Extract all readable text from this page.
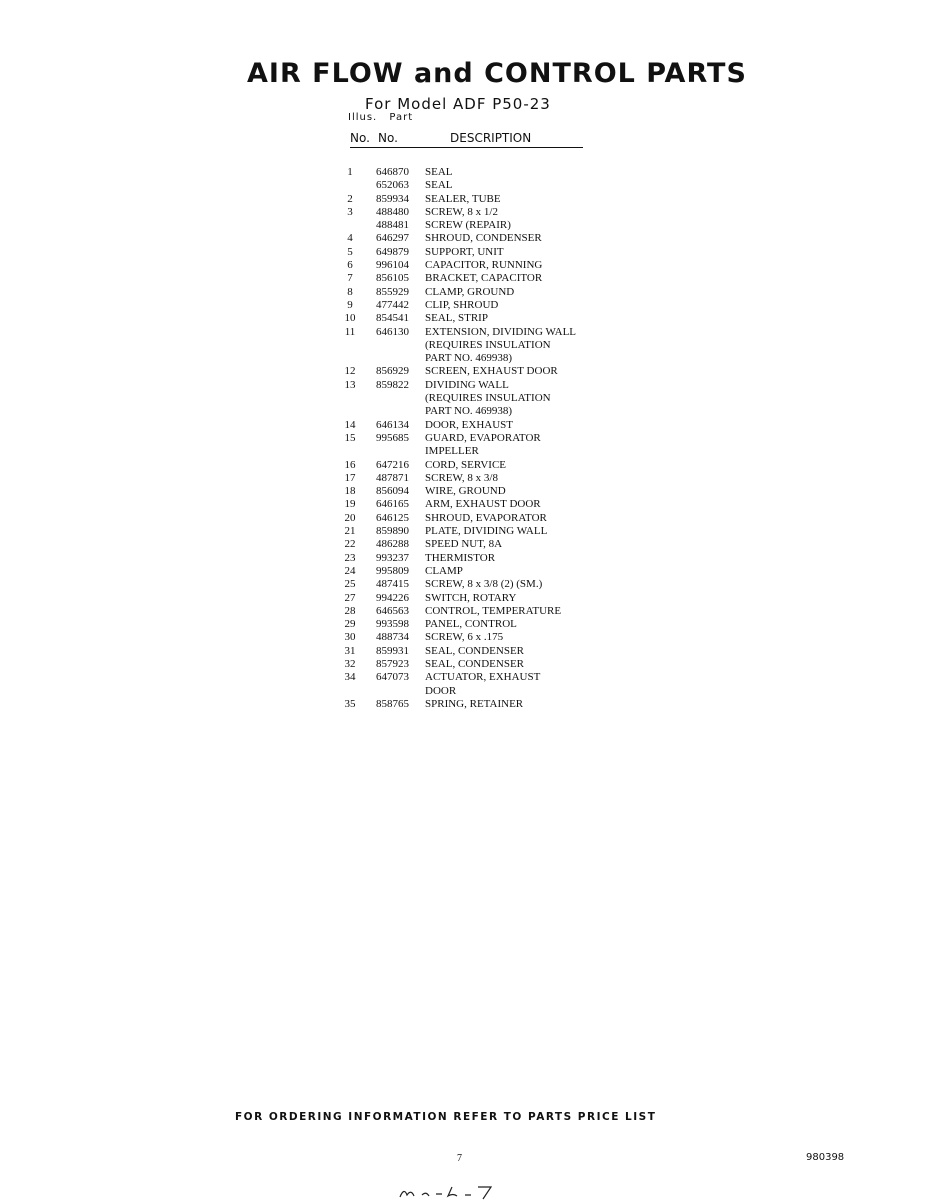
AIR FLOW and CONTROL PARTS
For Model ADF P50-23
Illus. Part
No. No.	DESCRIPTION
1	646870 SEAL
652063 SEAL
2	859934 SEALER, TUBE
3	488480 SCREW, 8 x 1/2
488481 SCREW (REPAIR)
4	646297 SHROUD, CONDENSER
5	649879 SUPPORT, UNIT
6	996104 CAPACITOR, RUNNING
7	856105 BRACKET, CAPACITOR
8	855929 CLAMP, GROUND
9	477442 CLIP, SHROUD
10	854541 SEAL, STRIP
11	646130 EXTENSION, DIVIDING WALL
(REQUIRES INSULATION
PART NO. 469938)
12	856929 SCREEN, EXHAUST DOOR
13	859822 DIVIDING WALL
(REQUIRES INSULATION
PART NO. 469938)
14	646134 DOOR, EXHAUST
15	995685 GUARD, EVAPORATOR
IMPELLER
16	647216 CORD, SERVICE
17	487871 SCREW, 8 x 3/8
18	856094 WIRE, GROUND
19	646165 ARM, EXHAUST DOOR
20	646125 SHROUD, EVAPORATOR
21	859890 PLATE, DIVIDING WALL
22	486288 SPEED NUT, 8A
23	993237 THERMISTOR
24	995809 CLAMP
25	487415 SCREW, 8 x 3/8 (2) (SM.)
27	994226 SWITCH, ROTARY
28	646563 CONTROL, TEMPERATURE
29	993598 PANEL, CONTROL
30	488734 SCREW, 6 x .175
31	859931 SEAL, CONDENSER
32	857923 SEAL, CONDENSER
34	647073 ACTUATOR, EXHAUST
DOOR
35	858765 SPRING, RETAINER
FOR ORDERING INFORMATION REFER TO PARTS PRICE LIST
7	980398
